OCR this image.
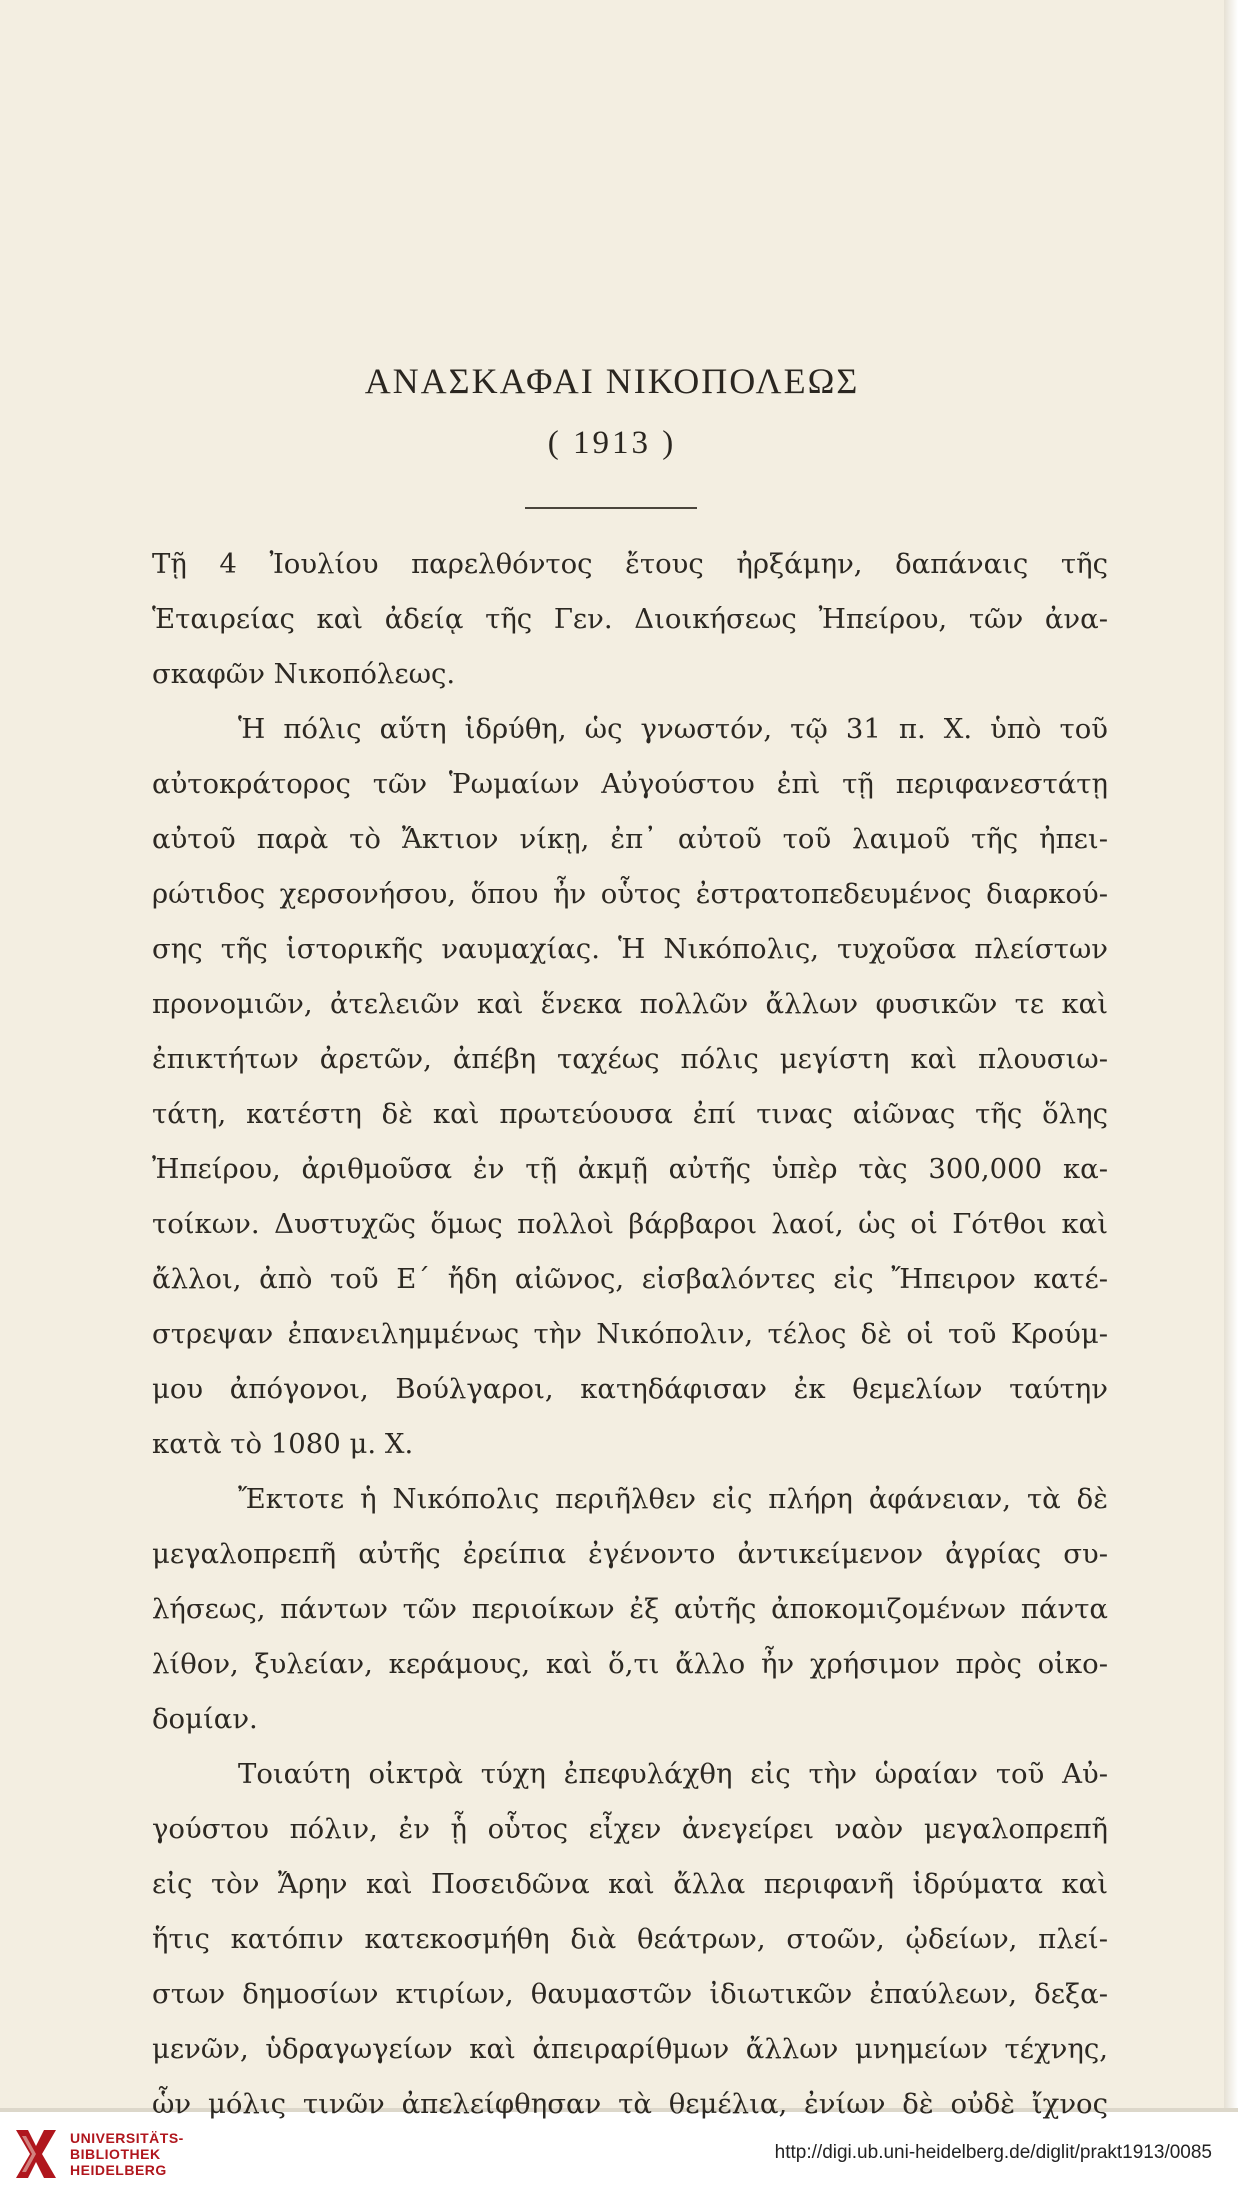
ΑΝΑΣΚΑΦΑΙ ΝΙΚΟΠΟΛΕΩΣ
( 1913 )
Τῇ 4 Ἰουλίου παρελθόντος ἔτους ἠρξάμην, δαπάναις τῆς
Ἑταιρείας καὶ ἀδείᾳ τῆς Γεν. Διοικήσεως Ἠπείρου, τῶν ἀνα-
σκαφῶν Νικοπόλεως.
Ἡ πόλις αὕτη ἱδρύθη, ὡς γνωστόν, τῷ 31 π. Χ. ὑπὸ τοῦ
αὐτοκράτορος τῶν Ῥωμαίων Αὐγούστου ἐπὶ τῇ περιφανεστάτῃ
αὐτοῦ παρὰ τὸ Ἄκτιον νίκῃ, ἐπ᾽ αὐτοῦ τοῦ λαιμοῦ τῆς ἠπει-
ρώτιδος χερσονήσου, ὅπου ἦν οὗτος ἐστρατοπεδευμένος διαρκού-
σης τῆς ἱστορικῆς ναυμαχίας. Ἡ Νικόπολις, τυχοῦσα πλείστων
προνομιῶν, ἀτελειῶν καὶ ἕνεκα πολλῶν ἄλλων φυσικῶν τε καὶ
ἐπικτήτων ἀρετῶν, ἀπέβη ταχέως πόλις μεγίστη καὶ πλουσιω-
τάτη, κατέστη δὲ καὶ πρωτεύουσα ἐπί τινας αἰῶνας τῆς ὅλης
Ἠπείρου, ἀριθμοῦσα ἐν τῇ ἀκμῇ αὐτῆς ὑπὲρ τὰς 300,000 κα-
τοίκων. Δυστυχῶς ὅμως πολλοὶ βάρβαροι λαοί, ὡς οἱ Γότθοι καὶ
ἄλλοι, ἀπὸ τοῦ Ε´ ἤδη αἰῶνος, εἰσβαλόντες εἰς Ἤπειρον κατέ-
στρεψαν ἐπανειλημμένως τὴν Νικόπολιν, τέλος δὲ οἱ τοῦ Κρούμ-
μου ἀπόγονοι, Βούλγαροι, κατηδάφισαν ἐκ θεμελίων ταύτην
κατὰ τὸ 1080 μ. Χ.
Ἔκτοτε ἡ Νικόπολις περιῆλθεν εἰς πλήρη ἀφάνειαν, τὰ δὲ
μεγαλοπρεπῆ αὐτῆς ἐρείπια ἐγένοντο ἀντικείμενον ἀγρίας συ-
λήσεως, πάντων τῶν περιοίκων ἐξ αὐτῆς ἀποκομιζομένων πάντα
λίθον, ξυλείαν, κεράμους, καὶ ὅ,τι ἄλλο ἦν χρήσιμον πρὸς οἰκο-
δομίαν.
Τοιαύτη οἰκτρὰ τύχη ἐπεφυλάχθη εἰς τὴν ὡραίαν τοῦ Αὐ-
γούστου πόλιν, ἐν ᾗ οὗτος εἶχεν ἀνεγείρει ναὸν μεγαλοπρεπῆ
εἰς τὸν Ἄρην καὶ Ποσειδῶνα καὶ ἄλλα περιφανῆ ἱδρύματα καὶ
ἥτις κατόπιν κατεκοσμήθη διὰ θεάτρων, στοῶν, ᾠδείων, πλεί-
στων δημοσίων κτιρίων, θαυμαστῶν ἰδιωτικῶν ἐπαύλεων, δεξα-
μενῶν, ὑδραγωγείων καὶ ἀπειραρίθμων ἄλλων μνημείων τέχνης,
ὧν μόλις τινῶν ἀπελείφθησαν τὰ θεμέλια, ἐνίων δὲ οὐδὲ ἴχνος
UNIVERSITÄTS-
BIBLIOTHEK
HEIDELBERG
http://digi.ub.uni-heidelberg.de/diglit/prakt1913/0085
